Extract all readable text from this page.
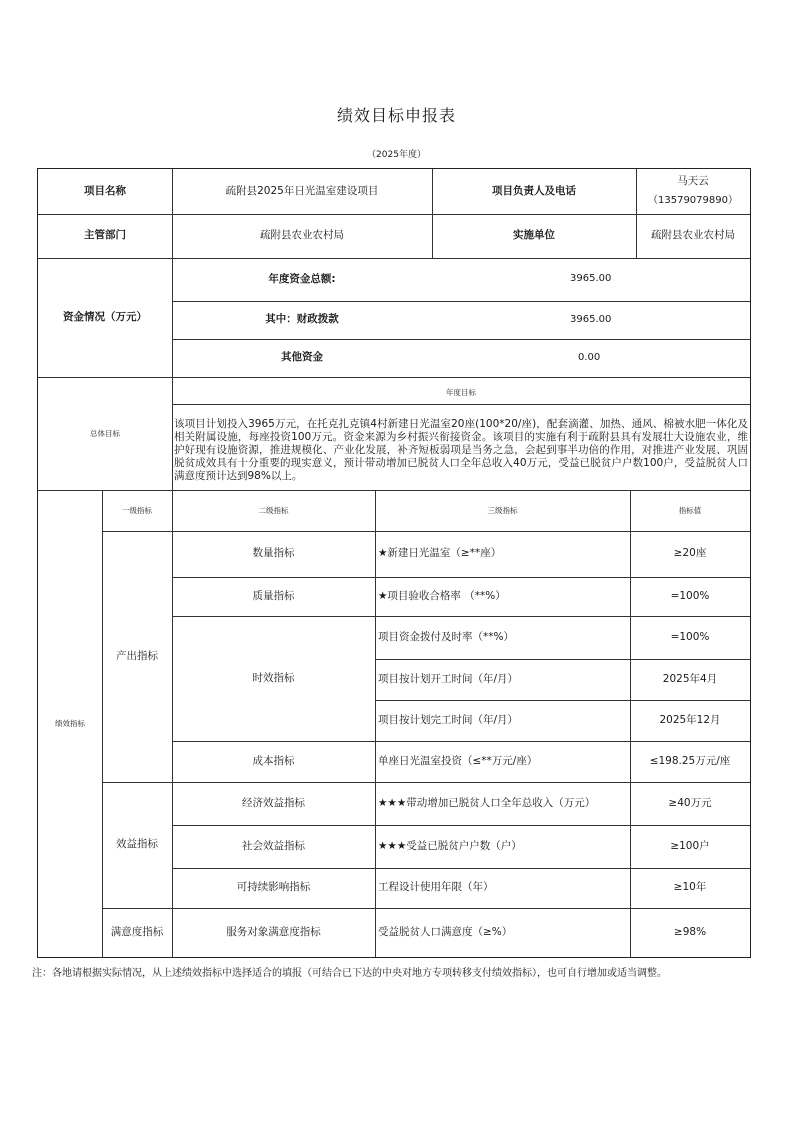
绩效目标申报表
（2025年度）
项目名称	疏附县2025年日光温室建设项目	项目负责人及电话
马天云
（13579079890）
主管部门	疏附县农业农村局	实施单位	疏附县农业农村局
资金情况（万元）
年度资金总额:	3965.00
其中：财政拨款	3965.00
其他资金	0.00
总体目标
年度目标
该项目计划投入3965万元，在托克扎克镇4村新建日光温室20座(100*20/座)，配套滴灌、加热、通风、棉被水肥一体化及相关附属设施，每座投资100万元。资金来源为乡村振兴衔接资金。该项目的实施有利于疏附县具有发展壮大设施农业，维护好现有设施资源，推进规模化、产业化发展，补齐短板弱项是当务之急，会起到事半功倍的作用，对推进产业发展、巩固脱贫成效具有十分重要的现实意义，预计带动增加已脱贫人口全年总收入40万元，受益已脱贫户户数100户，受益脱贫人口满意度预计达到98%以上。
绩效指标
一级指标	二级指标	三级指标	指标值
产出指标
数量指标	★新建日光温室（≥**座）	≥20座
质量指标	★项目验收合格率 （**%）	=100%
时效指标
项目资金拨付及时率（**%）	=100%
项目按计划开工时间（年/月）	2025年4月
项目按计划完工时间（年/月）	2025年12月
成本指标	单座日光温室投资（≤**万元/座）	≤198.25万元/座
效益指标
经济效益指标	★★★带动增加已脱贫人口全年总收入（万元）	≥40万元
社会效益指标	★★★受益已脱贫户户数（户）	≥100户
可持续影响指标	工程设计使用年限（年）	≥10年
满意度指标	服务对象满意度指标	受益脱贫人口满意度（≥%）	≥98%
注：各地请根据实际情况，从上述绩效指标中选择适合的填报（可结合已下达的中央对地方专项转移支付绩效指标），也可自行增加或适当调整。
